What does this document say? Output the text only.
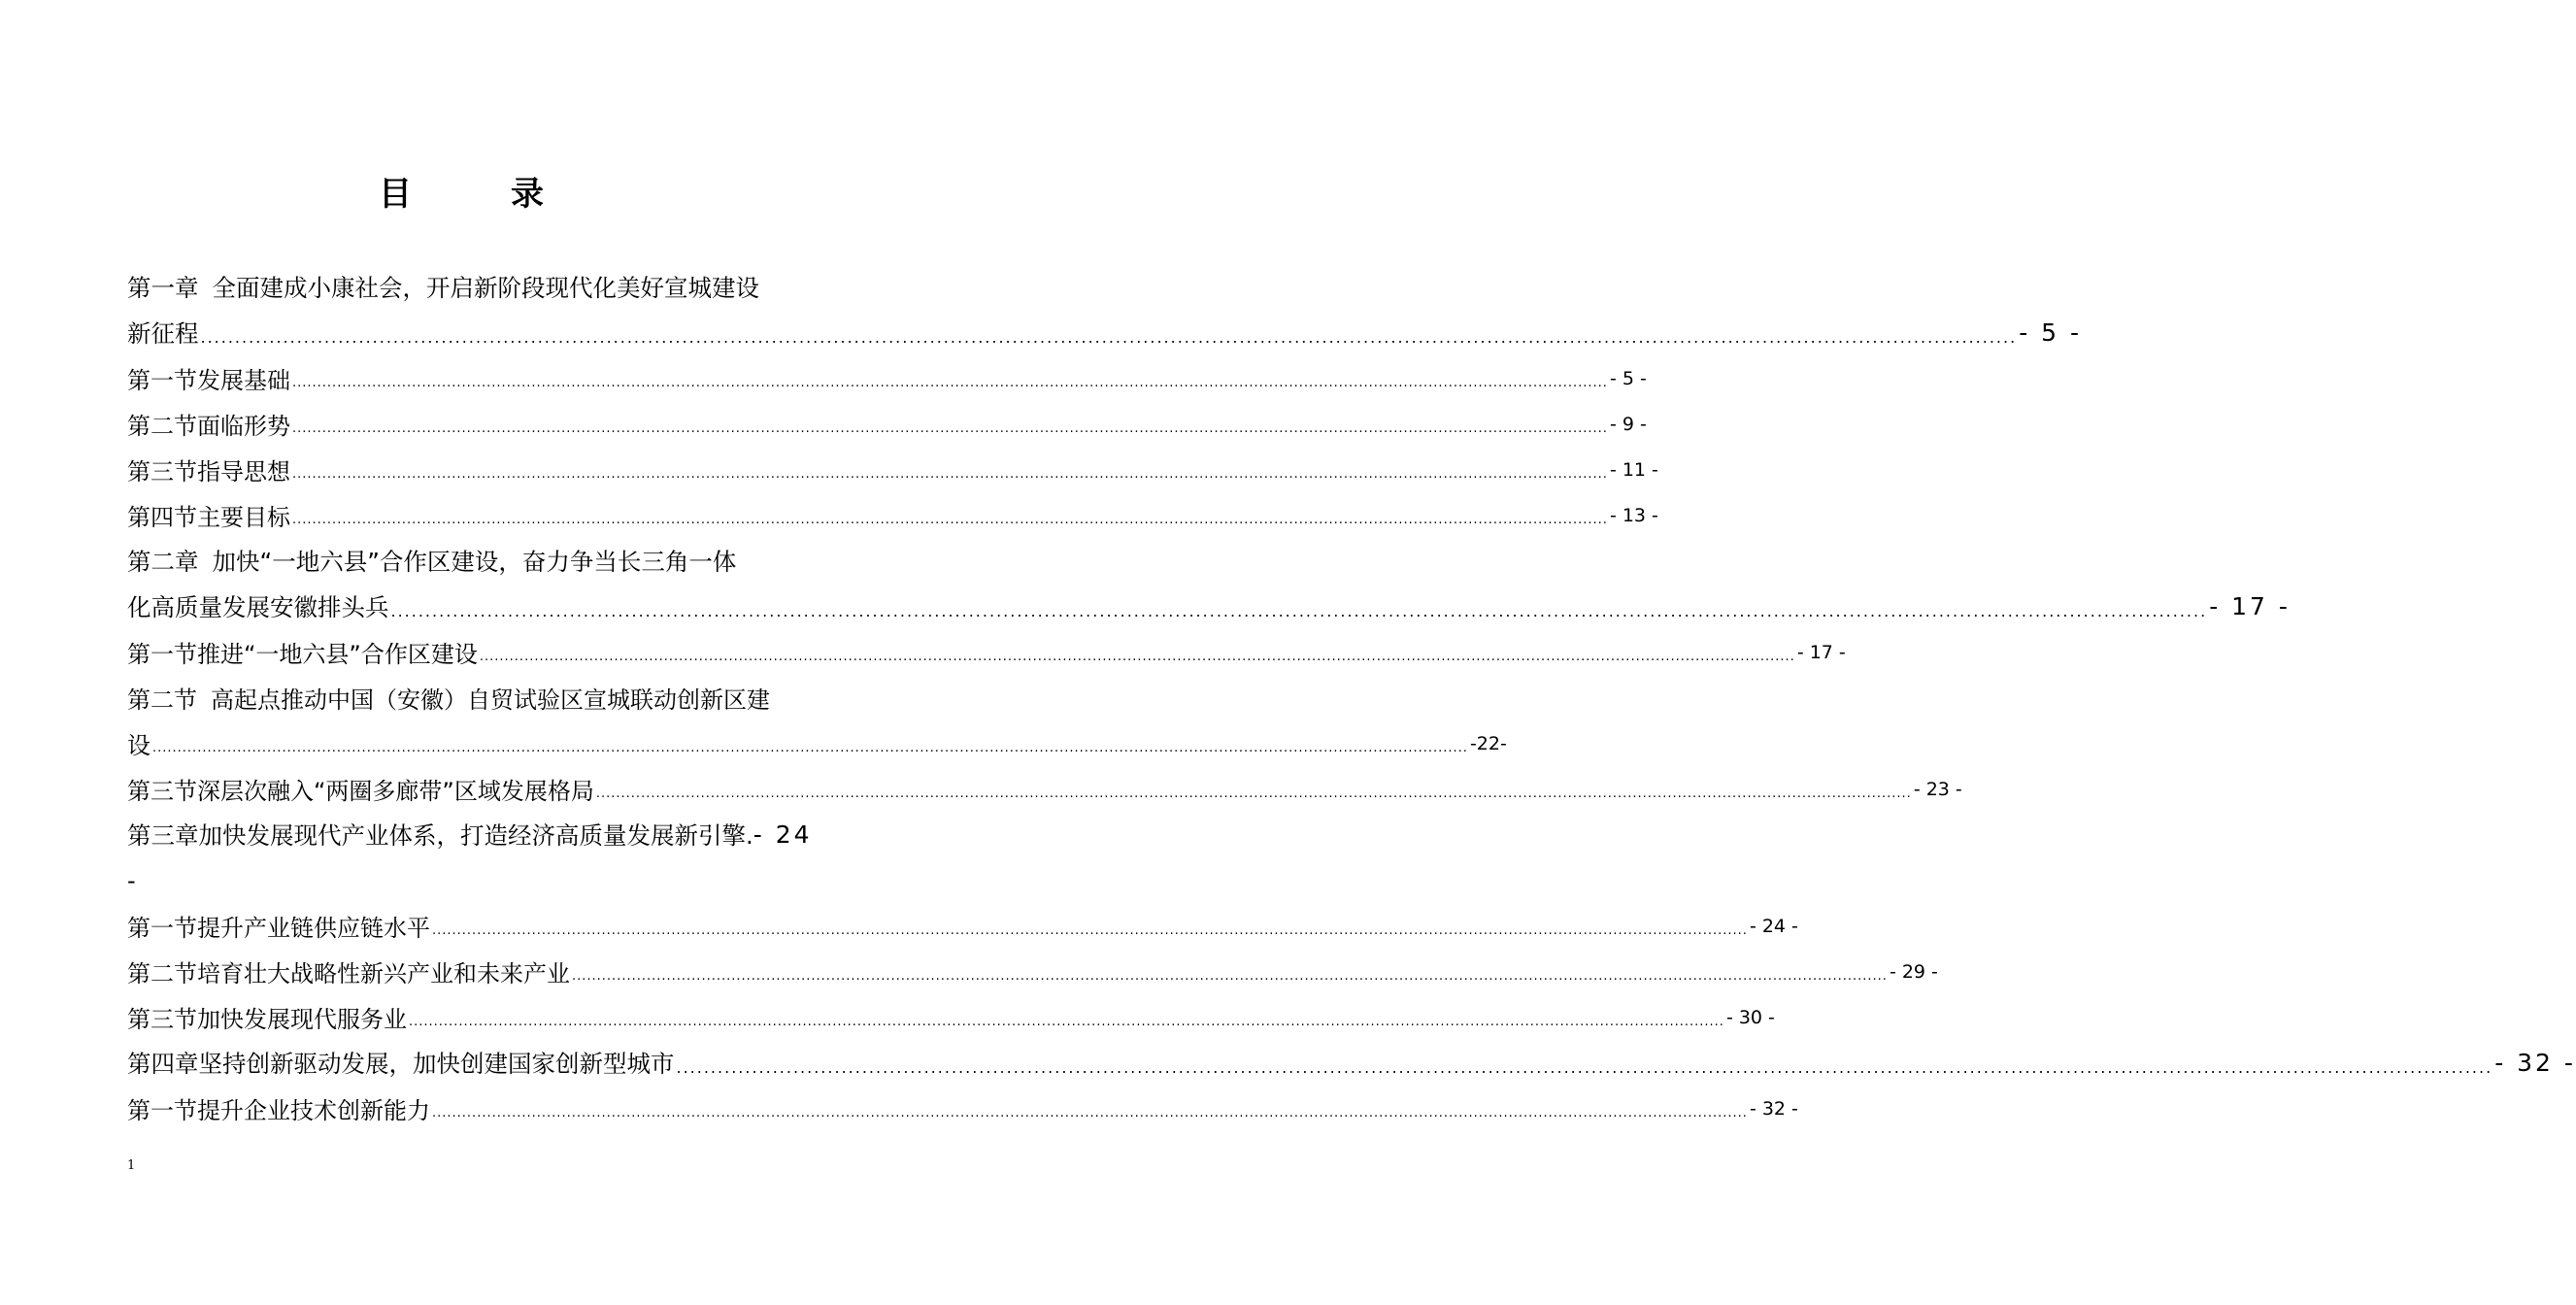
目　录
第一章 全面建成小康社会，开启新阶段现代化美好宣城建设
新征程 .....	- 5 -
第一节 发展基础 .....	- 5 -
第二节 面临形势 .....	- 9 -
第三节 指导思想 .....	- 11 -
第四节 主要目标 .....	- 13 -
第二章 加快“一地六县”合作区建设，奋力争当长三角一体
化高质量发展安徽排头兵 .....	- 17 -
第一节 推进“一地六县”合作区建设 .....	- 17 -
第二节 高起点推动中国（安徽）自贸试验区宣城联动创新区建
设 .....	-22-
第三节 深层次融入“两圈多廊带”区域发展格局 .....	- 23 -
第三章 加快发展现代产业体系，打造经济高质量发展新引擎. - 24
-
第一节 提升产业链供应链水平 .....	- 24 -
第二节 培育壮大战略性新兴产业和未来产业 .....	- 29 -
第三节 加快发展现代服务业 .....	- 30 -
第四章 坚持创新驱动发展，加快创建国家创新型城市 .....	- 32 -
第一节 提升企业技术创新能力 .....	- 32 -
1
